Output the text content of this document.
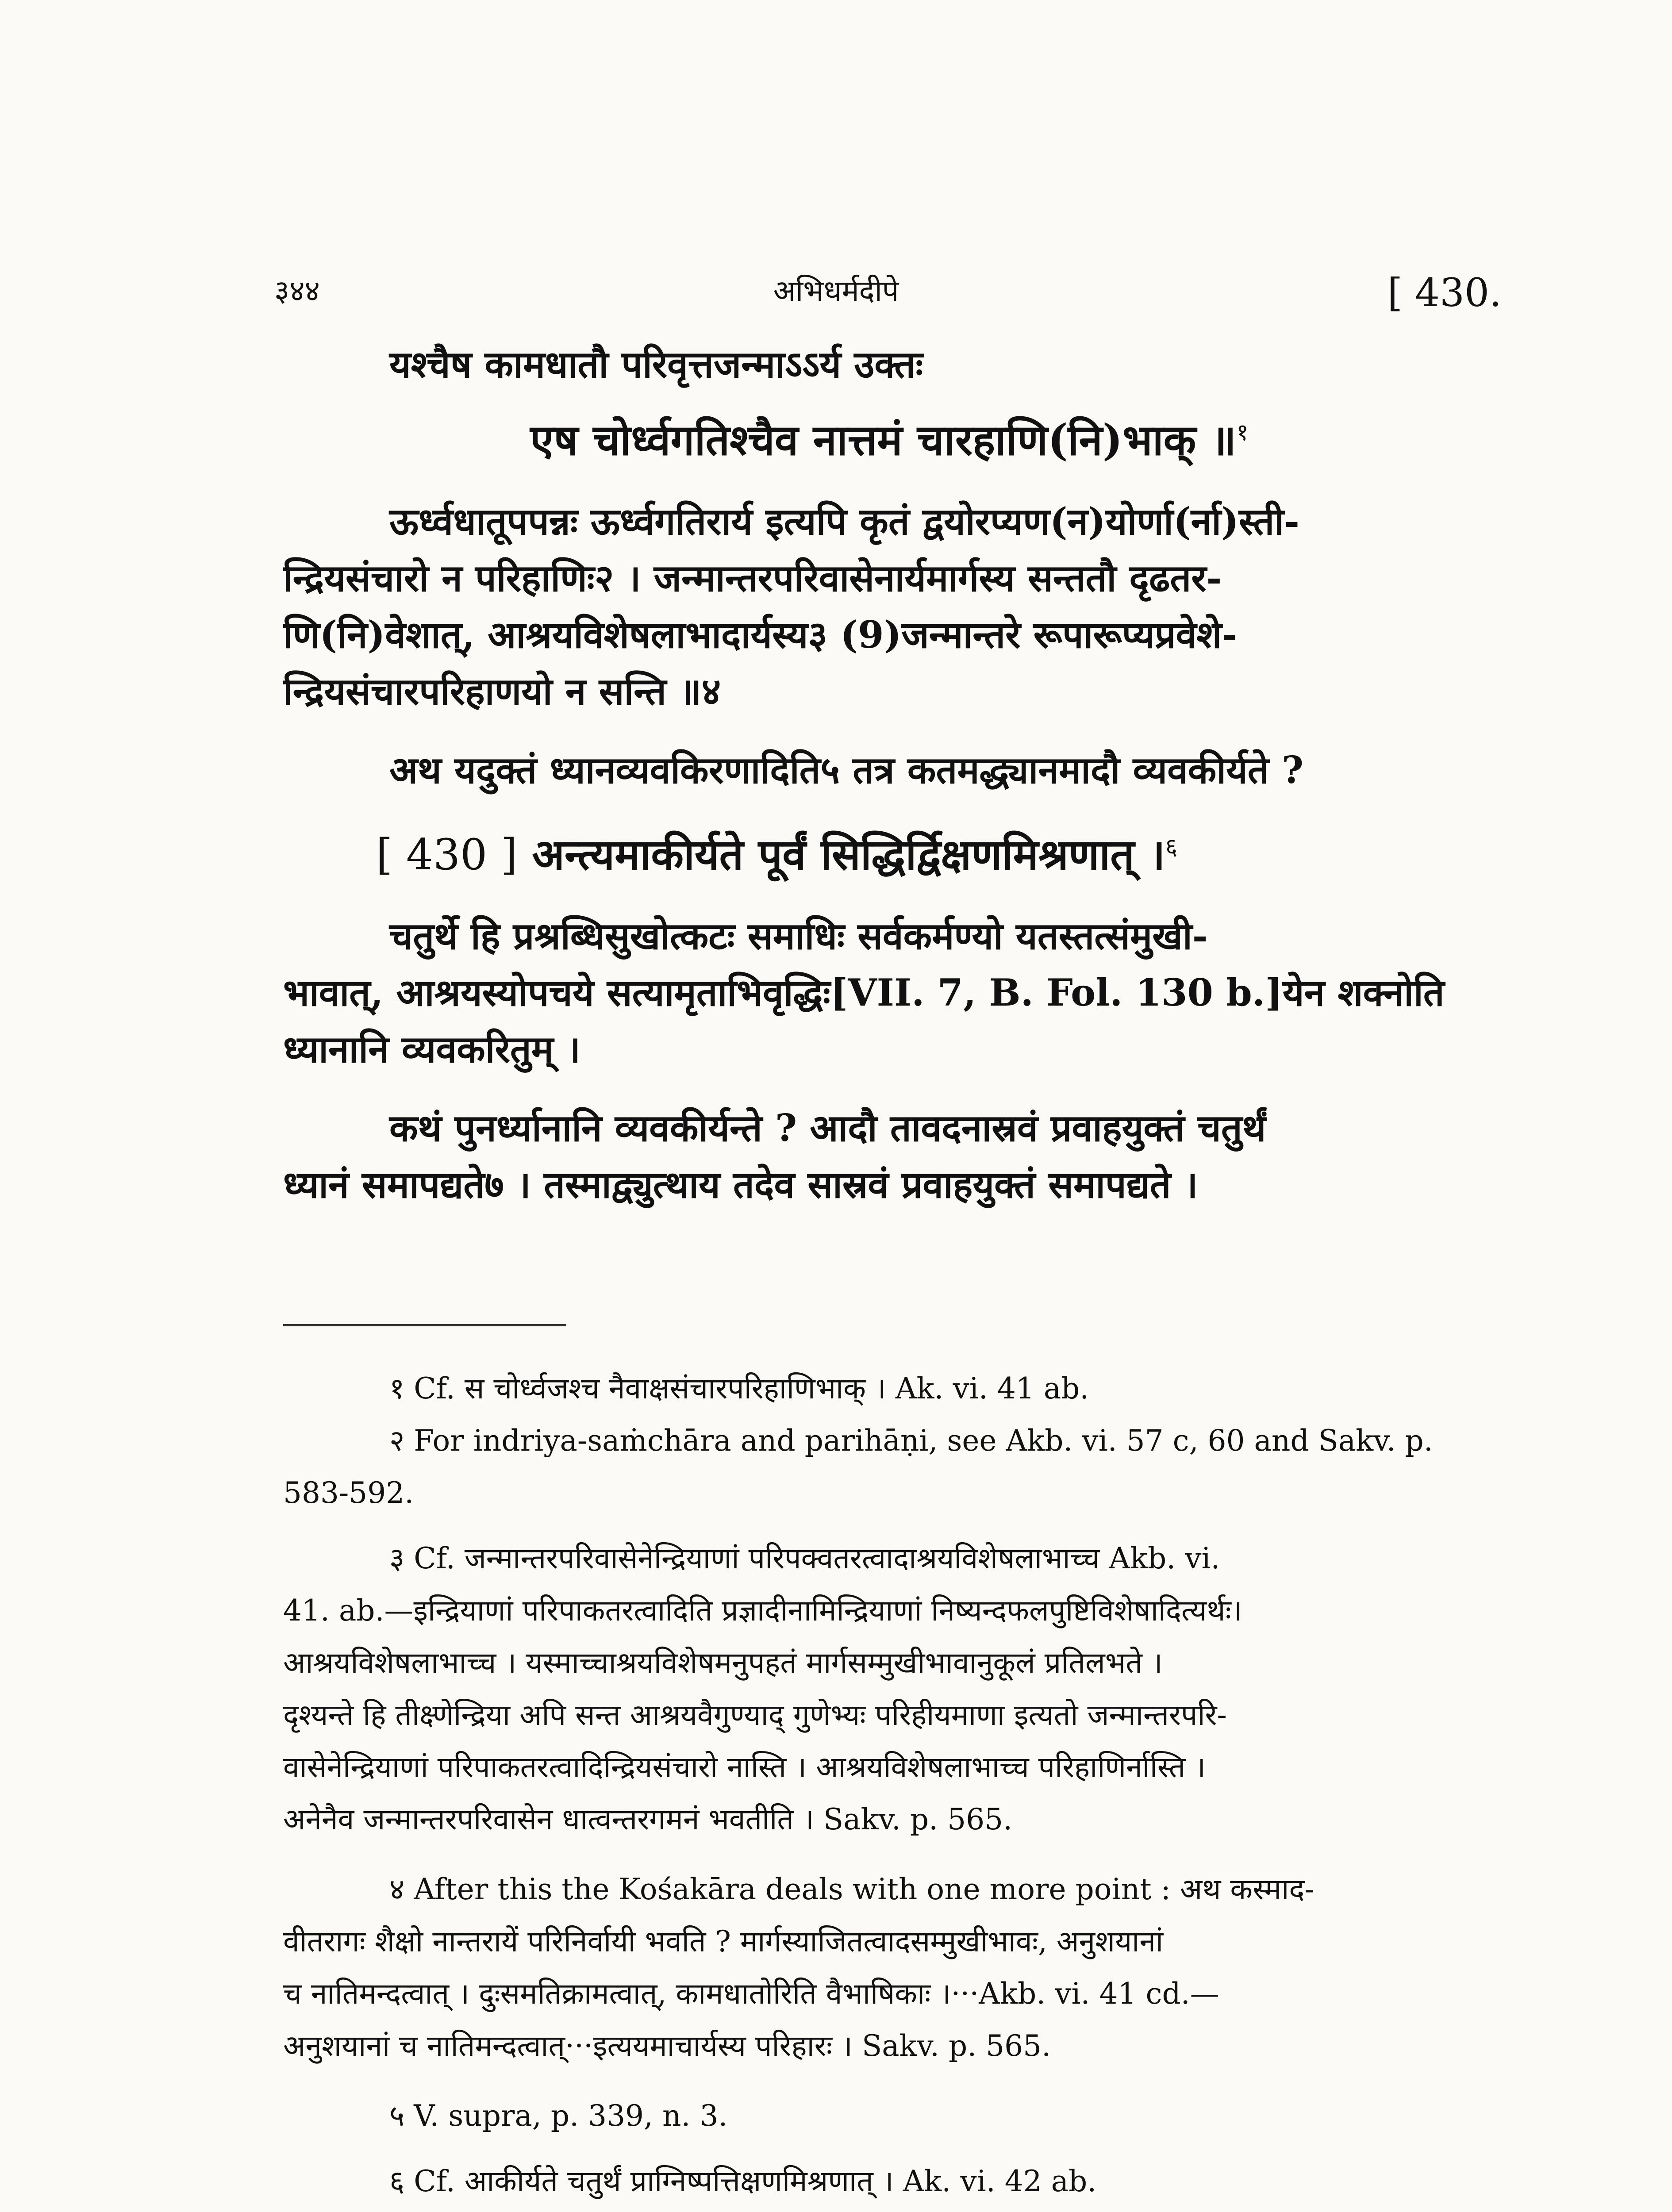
३४४	अभिधर्मदीपे	[ 430.
यश्चैष कामधातौ परिवृत्तजन्माऽऽर्य उक्तः
एष चोर्ध्वगतिश्चैव नात्तमं चारहाणि(नि)भाक् ॥$^१$
ऊर्ध्वधातूपपन्नः ऊर्ध्वगतिरार्य इत्यपि कृतं द्वयोरप्यण(न)योर्णा(र्ना)स्ती-
न्द्रियसंचारो न परिहाणिः२ । जन्मान्तरपरिवासेनार्यमार्गस्य सन्ततौ दृढतर-
णि(नि)वेशात्, आश्रयविशेषलाभादार्यस्य३ (9)जन्मान्तरे रूपारूप्यप्रवेशे-
न्द्रियसंचारपरिहाणयो न सन्ति ॥४
अथ यदुक्तं ध्यानव्यवकिरणादिति५ तत्र कतमद्ध्यानमादौ व्यवकीर्यते ?
[ 430 ] अन्त्यमाकीर्यते पूर्वं सिद्धिर्द्विक्षणमिश्रणात् ।$^६$
चतुर्थे हि प्रश्रब्धिसुखोत्कटः समाधिः सर्वकर्मण्यो यतस्तत्संमुखी-
भावात्, आश्रयस्योपचये सत्यामृताभिवृद्धिः[VII. 7, B. Fol. 130 b.]येन शक्नोति
ध्यानानि व्यवकरितुम् ।
कथं पुनर्ध्यानानि व्यवकीर्यन्ते ? आदौ तावदनास्रवं प्रवाहयुक्तं चतुर्थं
ध्यानं समापद्यते७ । तस्माद्व्युत्थाय तदेव सास्रवं प्रवाहयुक्तं समापद्यते ।
१ Cf. स चोर्ध्वजश्च नैवाक्षसंचारपरिहाणिभाक् । Ak. vi. 41 ab.
२ For indriya-saṁchāra and parihāṇi, see Akb. vi. 57 c, 60 and Sakv. p.
583-592.
३ Cf. जन्मान्तरपरिवासेनेन्द्रियाणां परिपक्वतरत्वादाश्रयविशेषलाभाच्च Akb. vi.
41. ab.—इन्द्रियाणां परिपाकतरत्वादिति प्रज्ञादीनामिन्द्रियाणां निष्यन्दफलपुष्टिविशेषादित्यर्थः।
आश्रयविशेषलाभाच्च । यस्माच्चाश्रयविशेषमनुपहतं मार्गसम्मुखीभावानुकूलं प्रतिलभते ।
दृश्यन्ते हि तीक्ष्णेन्द्रिया अपि सन्त आश्रयवैगुण्याद् गुणेभ्यः परिहीयमाणा इत्यतो जन्मान्तरपरि-
वासेनेन्द्रियाणां परिपाकतरत्वादिन्द्रियसंचारो नास्ति । आश्रयविशेषलाभाच्च परिहाणिर्नास्ति ।
अनेनैव जन्मान्तरपरिवासेन धात्वन्तरगमनं भवतीति । Sakv. p. 565.
४ After this the Kośakāra deals with one more point : अथ कस्माद-
वीतरागः शैक्षो नान्तरायें परिनिर्वायी भवति ? मार्गस्याजितत्वादसम्मुखीभावः, अनुशयानां
च नातिमन्दत्वात् । दुःसमतिक्रामत्वात्, कामधातोरिति वैभाषिकाः ।···Akb. vi. 41 cd.—
अनुशयानां च नातिमन्दत्वात्···इत्ययमाचार्यस्य परिहारः । Sakv. p. 565.
५ V. supra, p. 339, n. 3.
६ Cf. आकीर्यते चतुर्थं प्राग्निष्पत्तिक्षणमिश्रणात् । Ak. vi. 42 ab.
